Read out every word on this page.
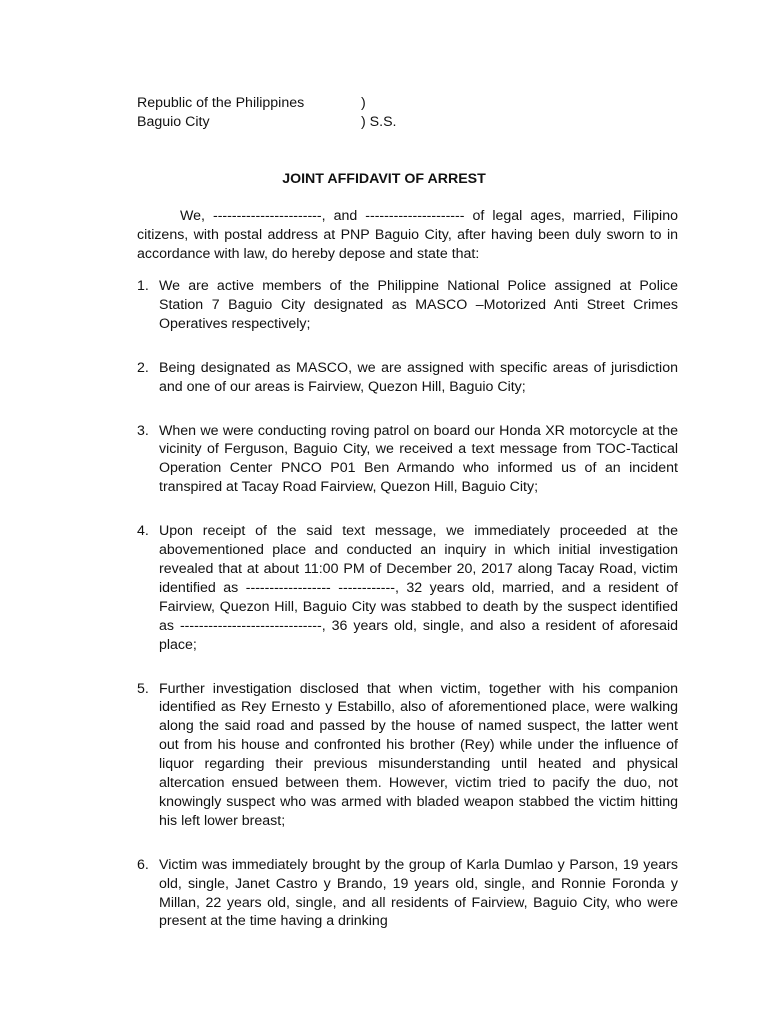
Republic of the Philippines	)
Baguio City	) S.S.
JOINT AFFIDAVIT OF ARREST

We, -----------------------, and --------------------- of legal ages, married, Filipino citizens, with postal address at PNP Baguio City, after having been duly sworn to in accordance with law, do hereby depose and state that:

1. We are active members of the Philippine National Police assigned at Police Station 7 Baguio City designated as MASCO –Motorized Anti Street Crimes Operatives respectively;
2. Being designated as MASCO, we are assigned with specific areas of jurisdiction and one of our areas is Fairview, Quezon Hill, Baguio City;
3. When we were conducting roving patrol on board our Honda XR motorcycle at the vicinity of Ferguson, Baguio City, we received a text message from TOC-Tactical Operation Center PNCO P01 Ben Armando who informed us of an incident transpired at Tacay Road Fairview, Quezon Hill, Baguio City;
4. Upon receipt of the said text message, we immediately proceeded at the abovementioned place and conducted an inquiry in which initial investigation revealed that at about 11:00 PM of December 20, 2017 along Tacay Road, victim identified as ------------------ ------------, 32 years old, married, and a resident of Fairview, Quezon Hill, Baguio City was stabbed to death by the suspect identified as ------------------------------, 36 years old, single, and also a resident of aforesaid place;
5. Further investigation disclosed that when victim, together with his companion identified as Rey Ernesto y Estabillo, also of aforementioned place, were walking along the said road and passed by the house of named suspect, the latter went out from his house and confronted his brother (Rey) while under the influence of liquor regarding their previous misunderstanding until heated and physical altercation ensued between them. However, victim tried to pacify the duo, not knowingly suspect who was armed with bladed weapon stabbed the victim hitting his left lower breast;
6. Victim was immediately brought by the group of Karla Dumlao y Parson, 19 years old, single, Janet Castro y Brando, 19 years old, single, and Ronnie Foronda y Millan, 22 years old, single, and all residents of Fairview, Baguio City, who were present at the time having a drinking
